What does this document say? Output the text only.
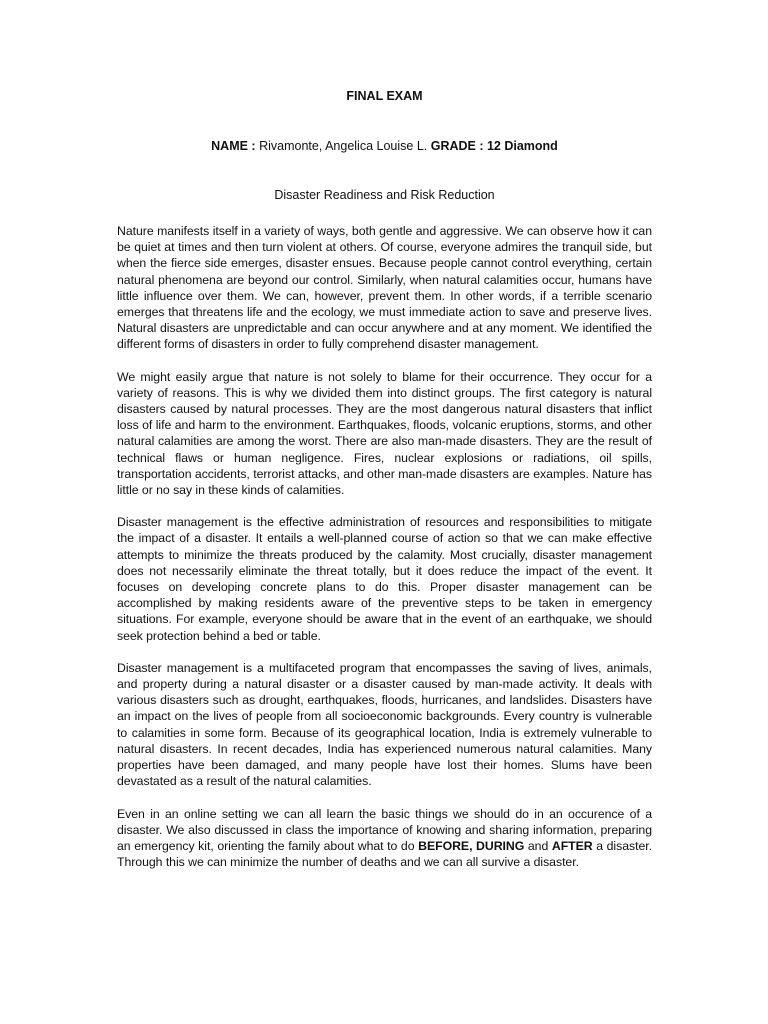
FINAL EXAM
NAME : Rivamonte, Angelica Louise L. GRADE : 12 Diamond
Disaster Readiness and Risk Reduction

Nature manifests itself in a variety of ways, both gentle and aggressive. We can observe how it can be quiet at times and then turn violent at others. Of course, everyone admires the tranquil side, but when the fierce side emerges, disaster ensues. Because people cannot control everything, certain natural phenomena are beyond our control. Similarly, when natural calamities occur, humans have little influence over them. We can, however, prevent them. In other words, if a terrible scenario emerges that threatens life and the ecology, we must immediate action to save and preserve lives. Natural disasters are unpredictable and can occur anywhere and at any moment. We identified the different forms of disasters in order to fully comprehend disaster management.

We might easily argue that nature is not solely to blame for their occurrence. They occur for a variety of reasons. This is why we divided them into distinct groups. The first category is natural disasters caused by natural processes. They are the most dangerous natural disasters that inflict loss of life and harm to the environment. Earthquakes, floods, volcanic eruptions, storms, and other natural calamities are among the worst. There are also man-made disasters. They are the result of technical flaws or human negligence. Fires, nuclear explosions or radiations, oil spills, transportation accidents, terrorist attacks, and other man-made disasters are examples. Nature has little or no say in these kinds of calamities.

Disaster management is the effective administration of resources and responsibilities to mitigate the impact of a disaster. It entails a well-planned course of action so that we can make effective attempts to minimize the threats produced by the calamity. Most crucially, disaster management does not necessarily eliminate the threat totally, but it does reduce the impact of the event. It focuses on developing concrete plans to do this. Proper disaster management can be accomplished by making residents aware of the preventive steps to be taken in emergency situations. For example, everyone should be aware that in the event of an earthquake, we should seek protection behind a bed or table.

Disaster management is a multifaceted program that encompasses the saving of lives, animals, and property during a natural disaster or a disaster caused by man-made activity. It deals with various disasters such as drought, earthquakes, floods, hurricanes, and landslides. Disasters have an impact on the lives of people from all socioeconomic backgrounds. Every country is vulnerable to calamities in some form. Because of its geographical location, India is extremely vulnerable to natural disasters. In recent decades, India has experienced numerous natural calamities. Many properties have been damaged, and many people have lost their homes. Slums have been devastated as a result of the natural calamities.

Even in an online setting we can all learn the basic things we should do in an occurence of a disaster. We also discussed in class the importance of knowing and sharing information, preparing an emergency kit, orienting the family about what to do BEFORE, DURING and AFTER a disaster. Through this we can minimize the number of deaths and we can all survive a disaster.
